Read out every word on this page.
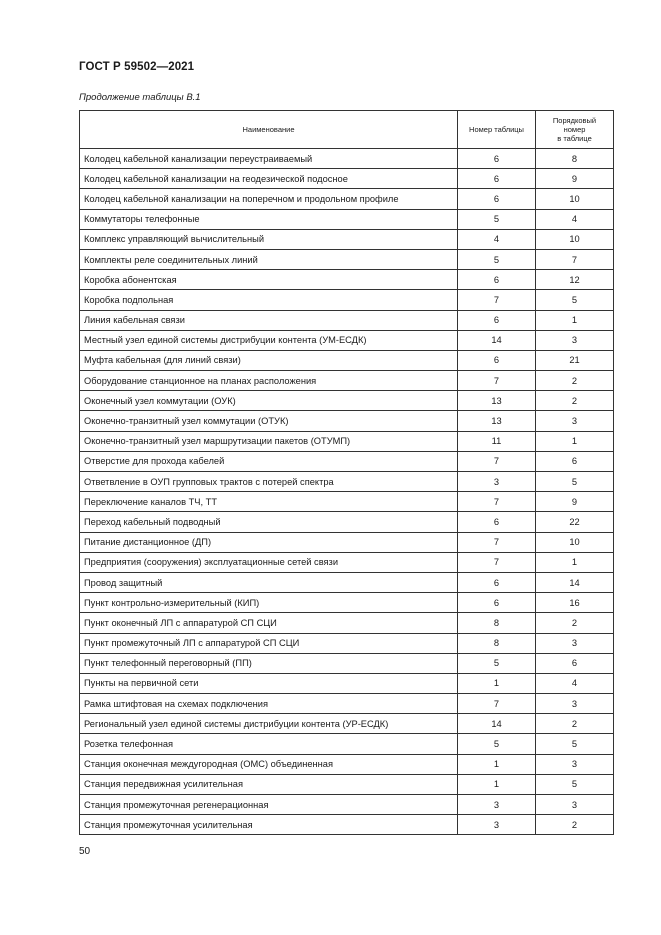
ГОСТ Р 59502—2021
Продолжение таблицы В.1
Наименование	Номер таблицы	Порядковый
номер
в таблице
Колодец кабельной канализации переустраиваемый	6	8
Колодец кабельной канализации на геодезической подосное	6	9
Колодец кабельной канализации на поперечном и продольном профиле	6	10
Коммутаторы телефонные	5	4
Комплекс управляющий вычислительный	4	10
Комплекты реле соединительных линий	5	7
Коробка абонентская	6	12
Коробка подпольная	7	5
Линия кабельная связи	6	1
Местный узел единой системы дистрибуции контента (УМ-ЕСДК)	14	3
Муфта кабельная (для линий связи)	6	21
Оборудование станционное на планах расположения	7	2
Оконечный узел коммутации (ОУК)	13	2
Оконечно-транзитный узел коммутации (ОТУК)	13	3
Оконечно-транзитный узел маршрутизации пакетов (ОТУМП)	11	1
Отверстие для прохода кабелей	7	6
Ответвление в ОУП групповых трактов с потерей спектра	3	5
Переключение каналов ТЧ, ТТ	7	9
Переход кабельный подводный	6	22
Питание дистанционное (ДП)	7	10
Предприятия (сооружения) эксплуатационные сетей связи	7	1
Провод защитный	6	14
Пункт контрольно-измерительный (КИП)	6	16
Пункт оконечный ЛП с аппаратурой СП СЦИ	8	2
Пункт промежуточный ЛП с аппаратурой СП СЦИ	8	3
Пункт телефонный переговорный (ПП)	5	6
Пункты на первичной сети	1	4
Рамка штифтовая на схемах подключения	7	3
Региональный узел единой системы дистрибуции контента (УР-ЕСДК)	14	2
Розетка телефонная	5	5
Станция оконечная междугородная (ОМС) объединенная	1	3
Станция передвижная усилительная	1	5
Станция промежуточная регенерационная	3	3
Станция промежуточная усилительная	3	2
50
